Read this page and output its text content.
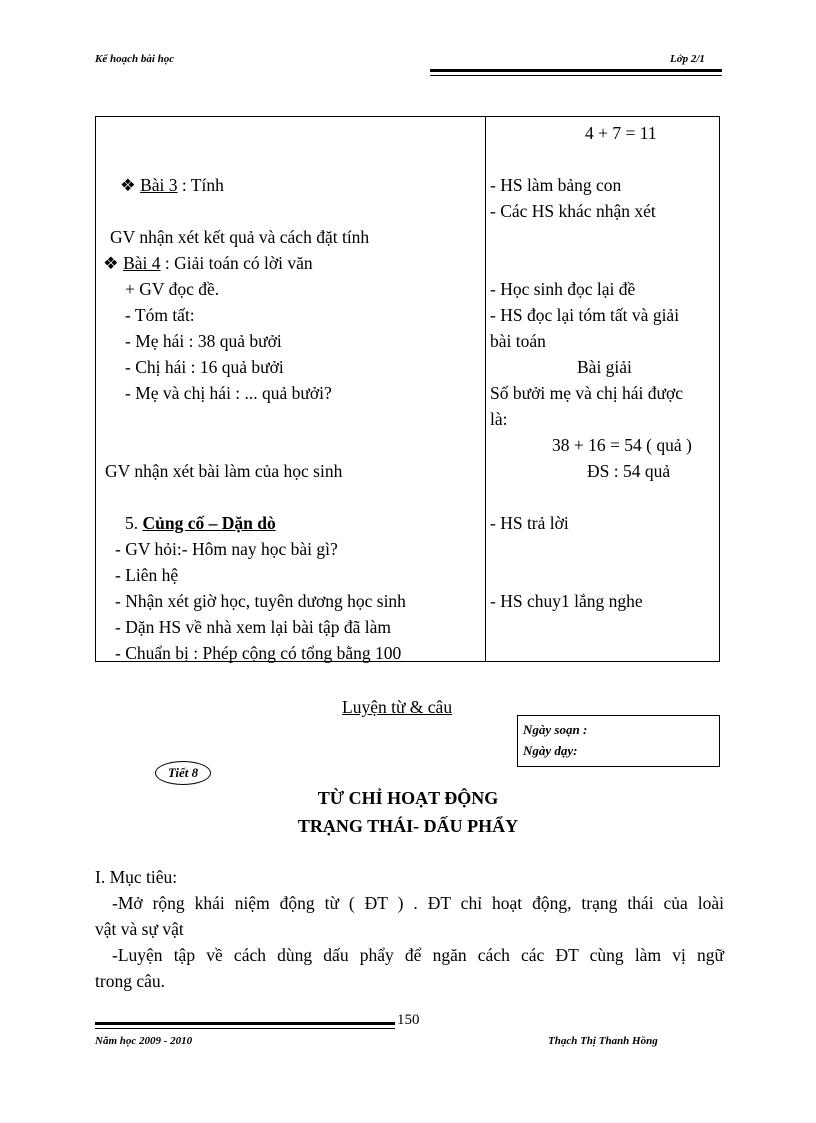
Kế hoạch bài học	Lớp 2/1
❖ Bài 3 : Tính
GV nhận xét kết quả và cách đặt tính
❖ Bài 4 : Giải toán có lời văn
+ GV đọc đề.
- Tóm tất:
- Mẹ hái : 38 quả bưởi
- Chị hái : 16 quả bưởi
- Mẹ và chị hái : ... quả bưởi?
GV nhận xét bài làm của học sinh
5. Củng cố – Dặn dò
- GV hỏi:- Hôm nay học bài gì?
- Liên hệ
- Nhận xét giờ học, tuyên dương học sinh
- Dặn HS về nhà xem lại bài tập đã làm
- Chuẩn bị : Phép cộng có tổng bằng 100
4 + 7 = 11
- HS làm bảng con
- Các HS khác nhận xét
- Học sinh đọc lại đề
- HS đọc lại tóm tất và giải
bài toán
Bài giải
Số bưởi mẹ và chị hái được
là:
38 + 16 = 54 ( quả )
ĐS : 54 quả
- HS trả lời
- HS chuy1 lắng nghe
Luyện từ & câu
Ngày soạn :
Ngày dạy:
Tiết 8
TỪ CHỈ HOẠT ĐỘNG
TRẠNG THÁI- DẤU PHẨY
I. Mục tiêu:
-Mở rộng khái niệm động từ ( ĐT ) . ĐT chỉ hoạt động, trạng thái của loài
vật và sự vật
-Luyện tập về cách dùng dấu phẩy để ngăn cách các ĐT cùng làm vị ngữ
trong câu.
150
Năm học 2009 - 2010	Thạch Thị Thanh Hồng
